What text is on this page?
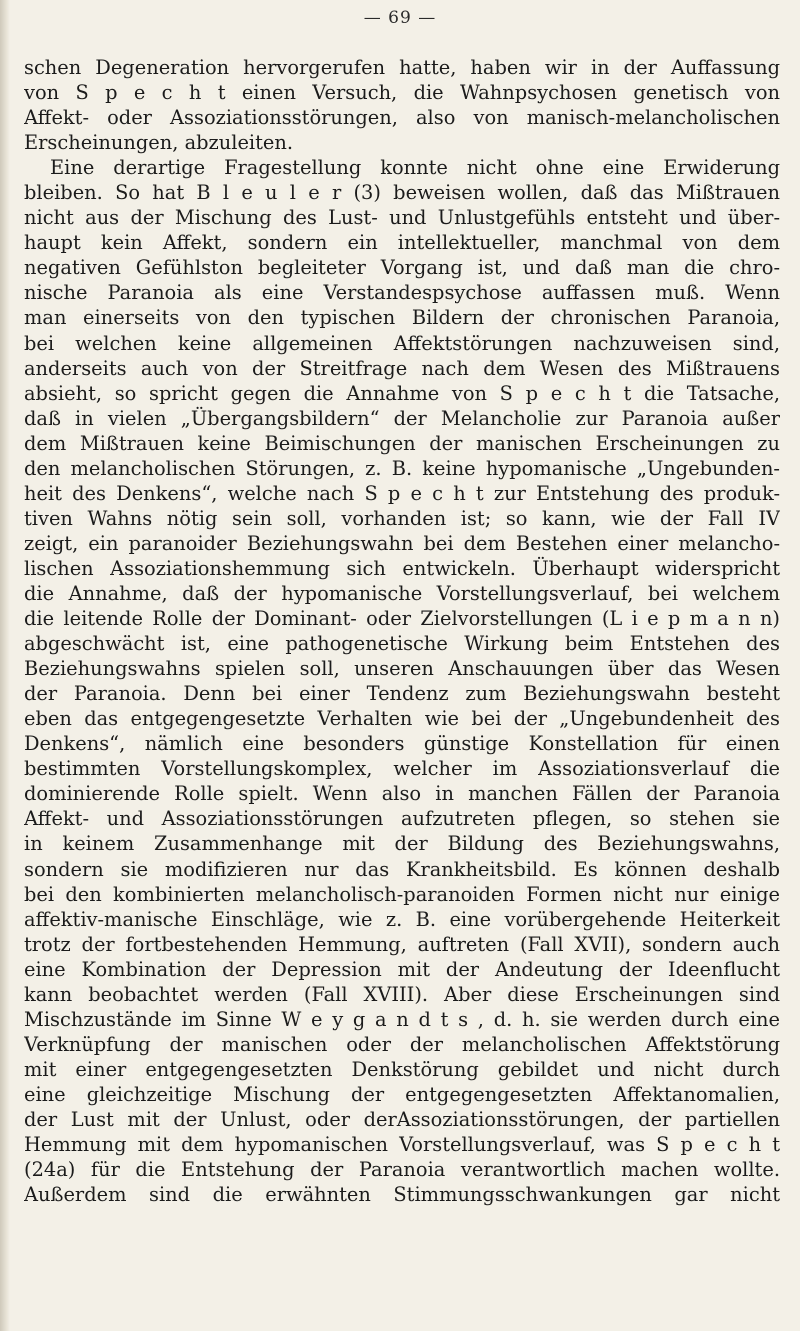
— 69 —
schen Degeneration hervorgerufen hatte, haben wir in der Auffassung
von S p e c h t einen Versuch, die Wahnpsychosen genetisch von
Affekt- oder Assoziationsstörungen, also von manisch-melancholischen
Erscheinungen, abzuleiten.
Eine derartige Fragestellung konnte nicht ohne eine Erwiderung
bleiben. So hat B l e u l e r (3) beweisen wollen, daß das Mißtrauen
nicht aus der Mischung des Lust- und Unlustgefühls entsteht und über-
haupt kein Affekt, sondern ein intellektueller, manchmal von dem
negativen Gefühlston begleiteter Vorgang ist, und daß man die chro-
nische Paranoia als eine Verstandespsychose auffassen muß. Wenn
man einerseits von den typischen Bildern der chronischen Paranoia,
bei welchen keine allgemeinen Affektstörungen nachzuweisen sind,
anderseits auch von der Streitfrage nach dem Wesen des Mißtrauens
absieht, so spricht gegen die Annahme von S p e c h t die Tatsache,
daß in vielen „Übergangsbildern“ der Melancholie zur Paranoia außer
dem Mißtrauen keine Beimischungen der manischen Erscheinungen zu
den melancholischen Störungen, z. B. keine hypomanische „Ungebunden-
heit des Denkens“, welche nach S p e c h t zur Entstehung des produk-
tiven Wahns nötig sein soll, vorhanden ist; so kann, wie der Fall IV
zeigt, ein paranoider Beziehungswahn bei dem Bestehen einer melancho-
lischen Assoziationshemmung sich entwickeln. Überhaupt widerspricht
die Annahme, daß der hypomanische Vorstellungsverlauf, bei welchem
die leitende Rolle der Dominant- oder Zielvorstellungen (L i e p m a n n)
abgeschwächt ist, eine pathogenetische Wirkung beim Entstehen des
Beziehungswahns spielen soll, unseren Anschauungen über das Wesen
der Paranoia. Denn bei einer Tendenz zum Beziehungswahn besteht
eben das entgegengesetzte Verhalten wie bei der „Ungebundenheit des
Denkens“, nämlich eine besonders günstige Konstellation für einen
bestimmten Vorstellungskomplex, welcher im Assoziationsverlauf die
dominierende Rolle spielt. Wenn also in manchen Fällen der Paranoia
Affekt- und Assoziationsstörungen aufzutreten pflegen, so stehen sie
in keinem Zusammenhange mit der Bildung des Beziehungswahns,
sondern sie modifizieren nur das Krankheitsbild. Es können deshalb
bei den kombinierten melancholisch-paranoiden Formen nicht nur einige
affektiv-manische Einschläge, wie z. B. eine vorübergehende Heiterkeit
trotz der fortbestehenden Hemmung, auftreten (Fall XVII), sondern auch
eine Kombination der Depression mit der Andeutung der Ideenflucht
kann beobachtet werden (Fall XVIII). Aber diese Erscheinungen sind
Mischzustände im Sinne W e y g a n d t s , d. h. sie werden durch eine
Verknüpfung der manischen oder der melancholischen Affektstörung
mit einer entgegengesetzten Denkstörung gebildet und nicht durch
eine gleichzeitige Mischung der entgegengesetzten Affektanomalien,
der Lust mit der Unlust, oder derAssoziationsstörungen, der partiellen
Hemmung mit dem hypomanischen Vorstellungsverlauf, was S p e c h t
(24a) für die Entstehung der Paranoia verantwortlich machen wollte.
Außerdem sind die erwähnten Stimmungsschwankungen gar nicht
